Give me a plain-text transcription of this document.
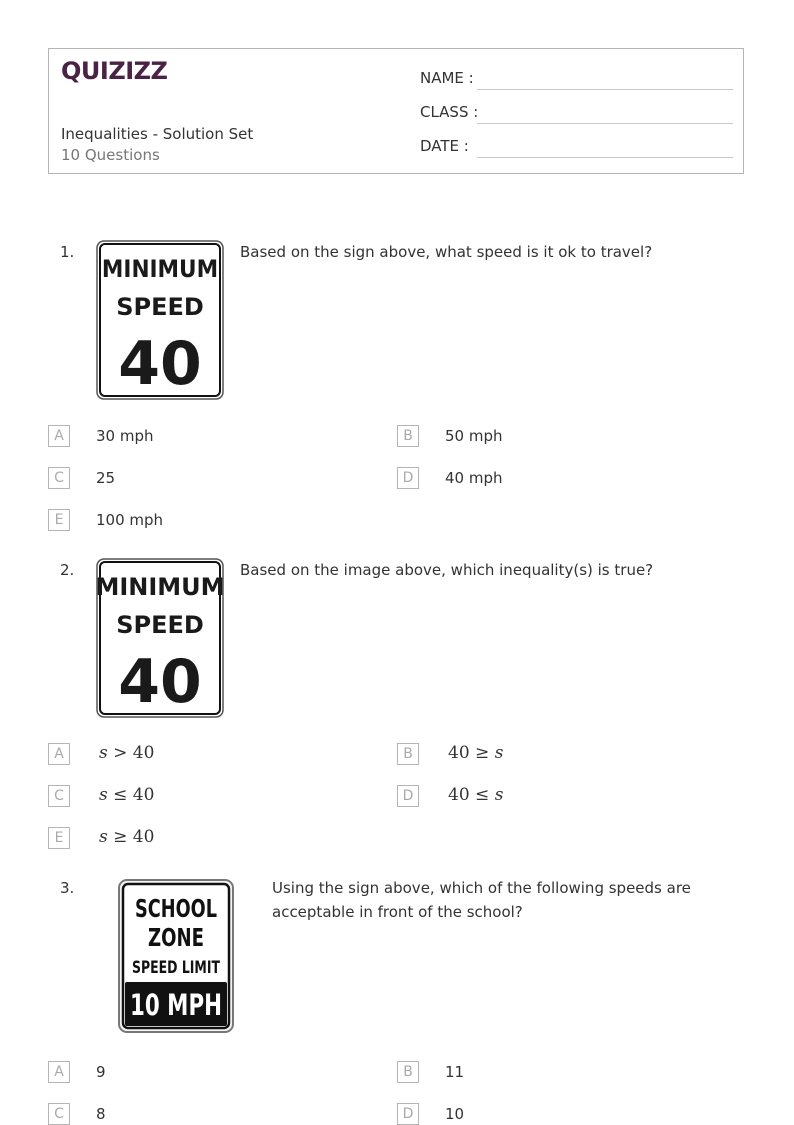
QUIZIZZ
Inequalities - Solution Set
10 Questions
NAME :
CLASS :
DATE :
1.
MINIMUM
SPEED
40
Based on the sign above, what speed is it ok to travel?
A	30 mph	B	50 mph
C	25	D	40 mph
E	100 mph
2.
MINIMUM
SPEED
40
Based on the image above, which inequality(s) is true?
A	s > 40	B	40 ≥ s
C	s ≤ 40	D	40 ≤ s
E	s ≥ 40
3.
SCHOOL
ZONE
SPEED LIMIT
10 MPH
Using the sign above, which of the following speeds are
acceptable in front of the school?
A	9	B	11
C	8	D	10
